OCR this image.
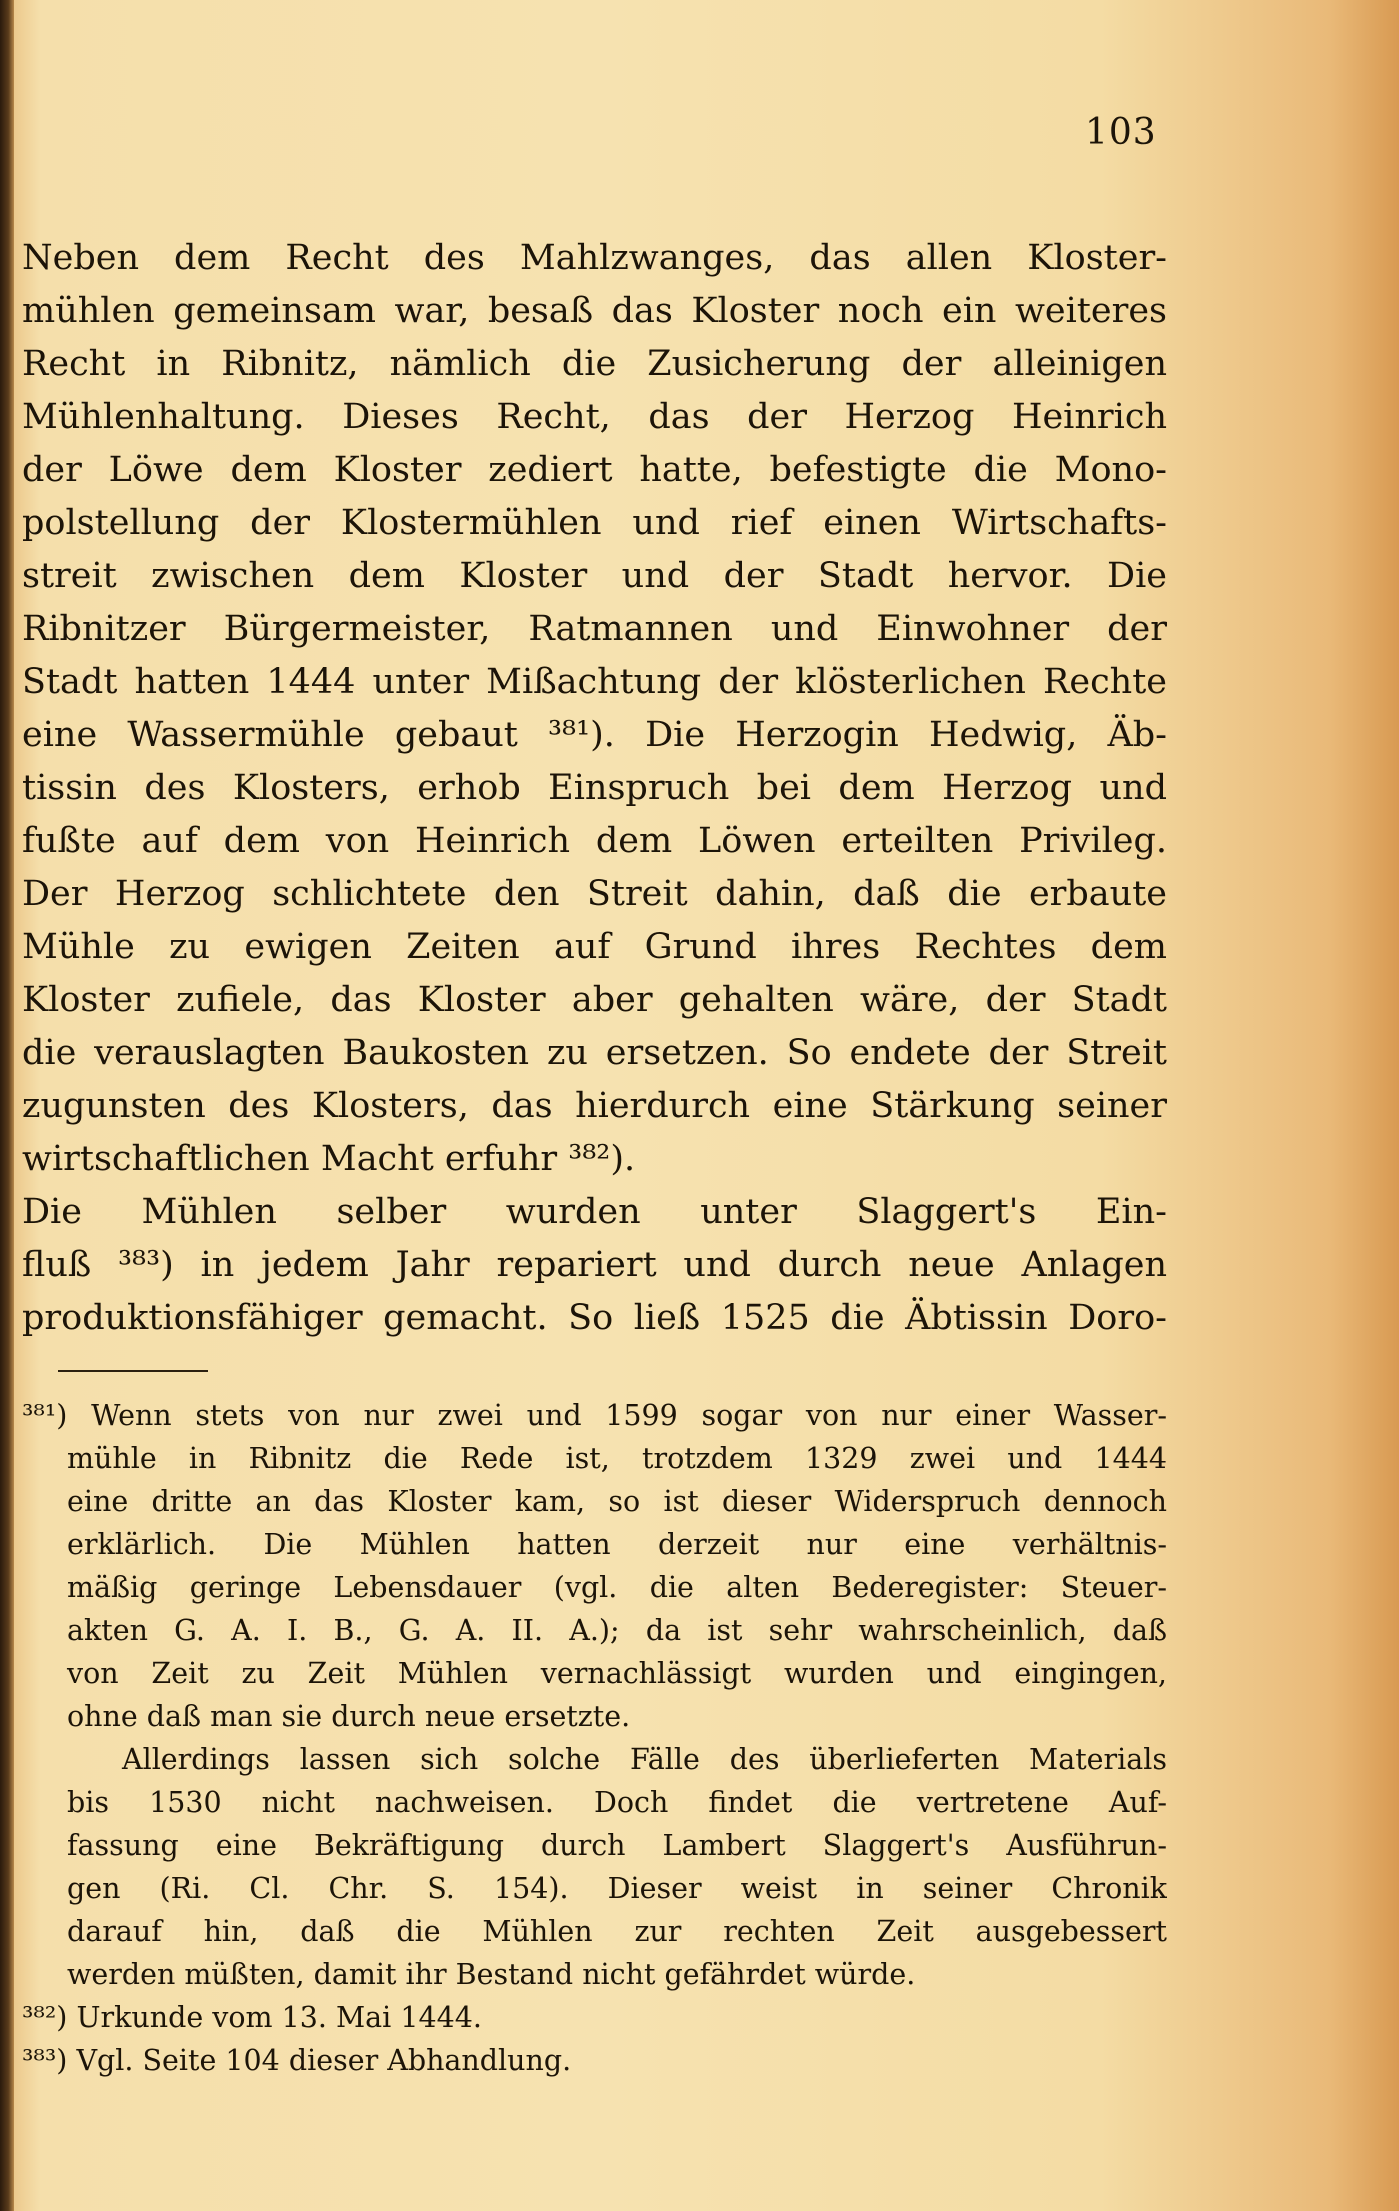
103
Neben dem Recht des Mahlzwanges, das allen Kloster-
mühlen gemeinsam war, besaß das Kloster noch ein weiteres
Recht in Ribnitz, nämlich die Zusicherung der alleinigen
Mühlenhaltung. Dieses Recht, das der Herzog Heinrich
der Löwe dem Kloster zediert hatte, befestigte die Mono-
polstellung der Klostermühlen und rief einen Wirtschafts-
streit zwischen dem Kloster und der Stadt hervor. Die
Ribnitzer Bürgermeister, Ratmannen und Einwohner der
Stadt hatten 1444 unter Mißachtung der klösterlichen Rechte
eine Wassermühle gebaut ³⁸¹). Die Herzogin Hedwig, Äb-
tissin des Klosters, erhob Einspruch bei dem Herzog und
fußte auf dem von Heinrich dem Löwen erteilten Privileg.
Der Herzog schlichtete den Streit dahin, daß die erbaute
Mühle zu ewigen Zeiten auf Grund ihres Rechtes dem
Kloster zufiele, das Kloster aber gehalten wäre, der Stadt
die verauslagten Baukosten zu ersetzen. So endete der Streit
zugunsten des Klosters, das hierdurch eine Stärkung seiner
wirtschaftlichen Macht erfuhr ³⁸²).
Die Mühlen selber wurden unter Slaggert's Ein-
fluß ³⁸³) in jedem Jahr repariert und durch neue Anlagen
produktionsfähiger gemacht. So ließ 1525 die Äbtissin Doro-
³⁸¹) Wenn stets von nur zwei und 1599 sogar von nur einer Wasser-
mühle in Ribnitz die Rede ist, trotzdem 1329 zwei und 1444
eine dritte an das Kloster kam, so ist dieser Widerspruch dennoch
erklärlich. Die Mühlen hatten derzeit nur eine verhältnis-
mäßig geringe Lebensdauer (vgl. die alten Bederegister: Steuer-
akten G. A. I. B., G. A. II. A.); da ist sehr wahrscheinlich, daß
von Zeit zu Zeit Mühlen vernachlässigt wurden und eingingen,
ohne daß man sie durch neue ersetzte.
Allerdings lassen sich solche Fälle des überlieferten Materials
bis 1530 nicht nachweisen. Doch findet die vertretene Auf-
fassung eine Bekräftigung durch Lambert Slaggert's Ausführun-
gen (Ri. Cl. Chr. S. 154). Dieser weist in seiner Chronik
darauf hin, daß die Mühlen zur rechten Zeit ausgebessert
werden müßten, damit ihr Bestand nicht gefährdet würde.
³⁸²) Urkunde vom 13. Mai 1444.
³⁸³) Vgl. Seite 104 dieser Abhandlung.
